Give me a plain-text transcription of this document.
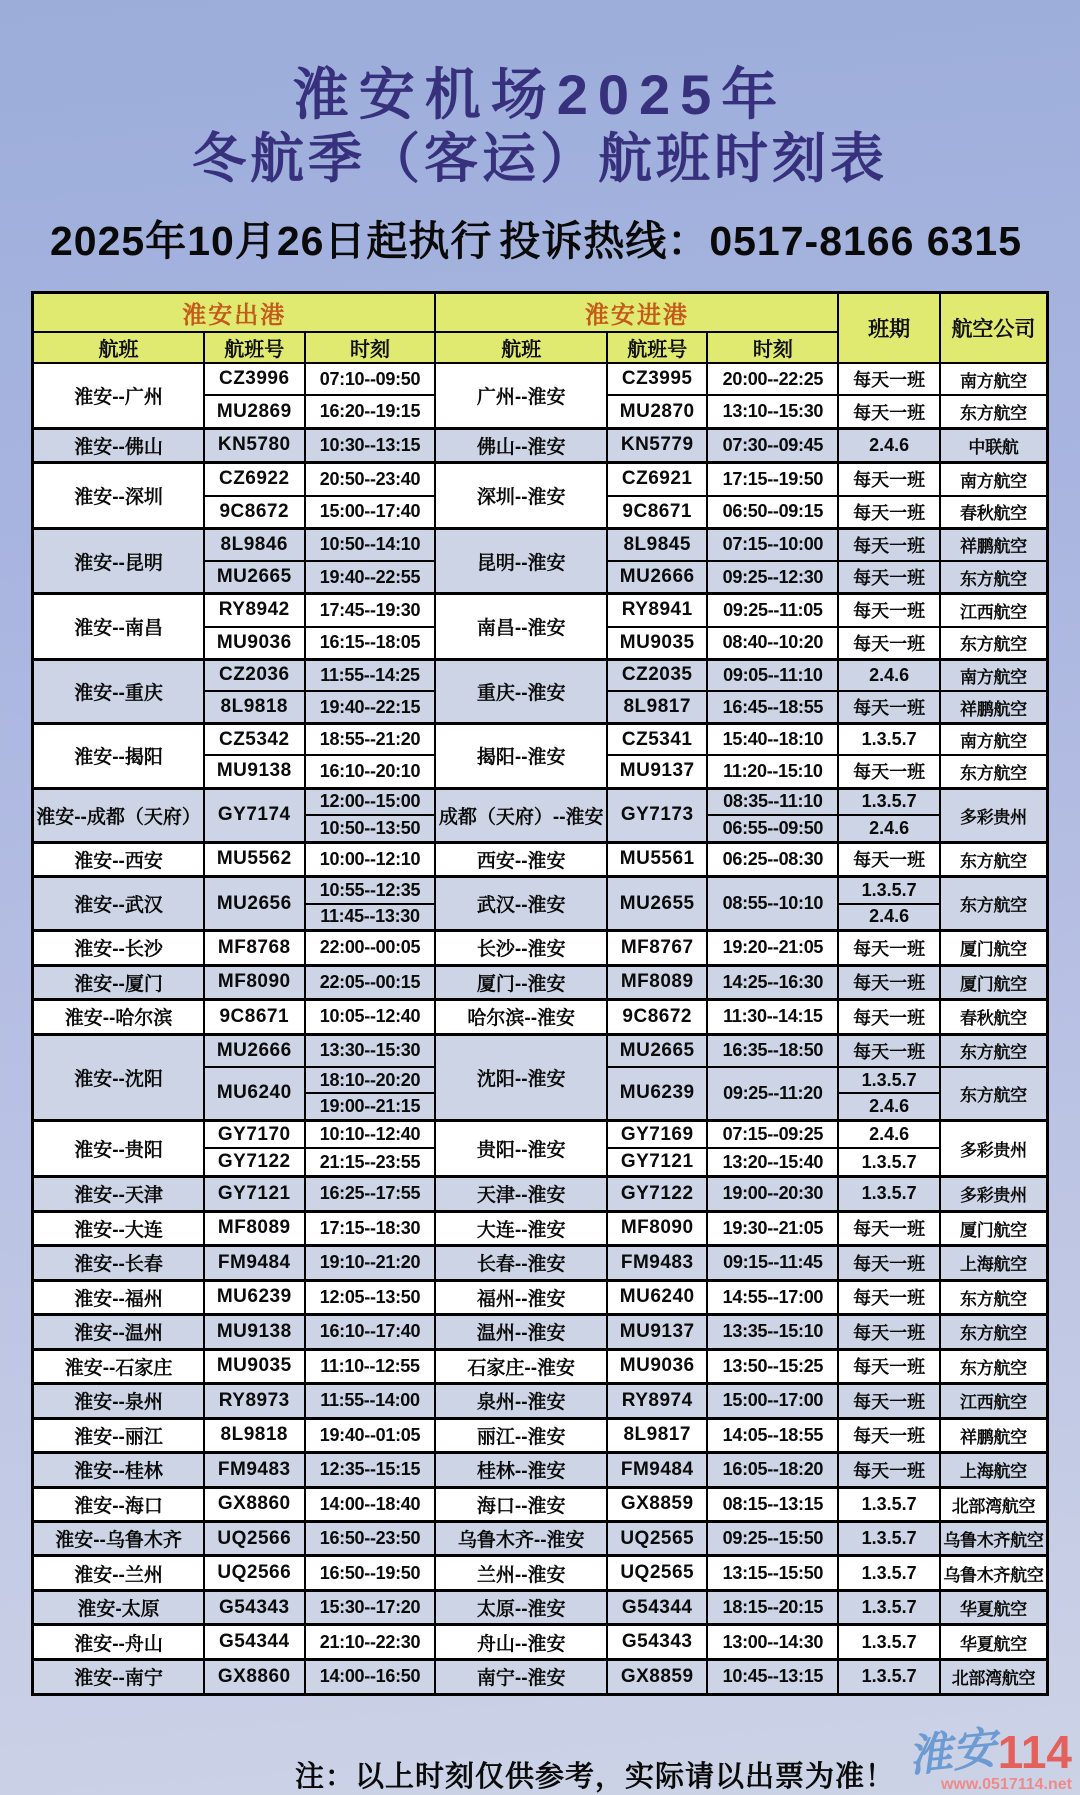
淮安机场2025年
冬航季（客运）航班时刻表
2025年10月26日起执行 投诉热线：0517-8166 6315
淮安出港			淮安进港			班期	航空公司
航班	航班号	时刻	航班	航班号	时刻		
淮安--广州	CZ3996	07:10--09:50	广州--淮安	CZ3995	20:00--22:25	每天一班	南方航空
	MU2869	16:20--19:15		MU2870	13:10--15:30	每天一班	东方航空
淮安--佛山	KN5780	10:30--13:15	佛山--淮安	KN5779	07:30--09:45	2.4.6	中联航
淮安--深圳	CZ6922	20:50--23:40	深圳--淮安	CZ6921	17:15--19:50	每天一班	南方航空
	9C8672	15:00--17:40		9C8671	06:50--09:15	每天一班	春秋航空
淮安--昆明	8L9846	10:50--14:10	昆明--淮安	8L9845	07:15--10:00	每天一班	祥鹏航空
	MU2665	19:40--22:55		MU2666	09:25--12:30	每天一班	东方航空
淮安--南昌	RY8942	17:45--19:30	南昌--淮安	RY8941	09:25--11:05	每天一班	江西航空
	MU9036	16:15--18:05		MU9035	08:40--10:20	每天一班	东方航空
淮安--重庆	CZ2036	11:55--14:25	重庆--淮安	CZ2035	09:05--11:10	2.4.6	南方航空
	8L9818	19:40--22:15		8L9817	16:45--18:55	每天一班	祥鹏航空
淮安--揭阳	CZ5342	18:55--21:20	揭阳--淮安	CZ5341	15:40--18:10	1.3.5.7	南方航空
	MU9138	16:10--20:10		MU9137	11:20--15:10	每天一班	东方航空
淮安--成都（天府）	GY7174	12:00--15:00	成都（天府）--淮安	GY7173	08:35--11:10	1.3.5.7	多彩贵州
		10:50--13:50			06:55--09:50	2.4.6	
淮安--西安	MU5562	10:00--12:10	西安--淮安	MU5561	06:25--08:30	每天一班	东方航空
淮安--武汉	MU2656	10:55--12:35	武汉--淮安	MU2655	08:55--10:10	1.3.5.7	东方航空
		11:45--13:30				2.4.6	
淮安--长沙	MF8768	22:00--00:05	长沙--淮安	MF8767	19:20--21:05	每天一班	厦门航空
淮安--厦门	MF8090	22:05--00:15	厦门--淮安	MF8089	14:25--16:30	每天一班	厦门航空
淮安--哈尔滨	9C8671	10:05--12:40	哈尔滨--淮安	9C8672	11:30--14:15	每天一班	春秋航空
淮安--沈阳	MU2666	13:30--15:30	沈阳--淮安	MU2665	16:35--18:50	每天一班	东方航空
	MU6240	18:10--20:20		MU6239	09:25--11:20	1.3.5.7	东方航空
		19:00--21:15				2.4.6	
淮安--贵阳	GY7170	10:10--12:40	贵阳--淮安	GY7169	07:15--09:25	2.4.6	多彩贵州
	GY7122	21:15--23:55		GY7121	13:20--15:40	1.3.5.7	
淮安--天津	GY7121	16:25--17:55	天津--淮安	GY7122	19:00--20:30	1.3.5.7	多彩贵州
淮安--大连	MF8089	17:15--18:30	大连--淮安	MF8090	19:30--21:05	每天一班	厦门航空
淮安--长春	FM9484	19:10--21:20	长春--淮安	FM9483	09:15--11:45	每天一班	上海航空
淮安--福州	MU6239	12:05--13:50	福州--淮安	MU6240	14:55--17:00	每天一班	东方航空
淮安--温州	MU9138	16:10--17:40	温州--淮安	MU9137	13:35--15:10	每天一班	东方航空
淮安--石家庄	MU9035	11:10--12:55	石家庄--淮安	MU9036	13:50--15:25	每天一班	东方航空
淮安--泉州	RY8973	11:55--14:00	泉州--淮安	RY8974	15:00--17:00	每天一班	江西航空
淮安--丽江	8L9818	19:40--01:05	丽江--淮安	8L9817	14:05--18:55	每天一班	祥鹏航空
淮安--桂林	FM9483	12:35--15:15	桂林--淮安	FM9484	16:05--18:20	每天一班	上海航空
淮安--海口	GX8860	14:00--18:40	海口--淮安	GX8859	08:15--13:15	1.3.5.7	北部湾航空
淮安--乌鲁木齐	UQ2566	16:50--23:50	乌鲁木齐--淮安	UQ2565	09:25--15:50	1.3.5.7	乌鲁木齐航空
淮安--兰州	UQ2566	16:50--19:50	兰州--淮安	UQ2565	13:15--15:50	1.3.5.7	乌鲁木齐航空
淮安-太原	G54343	15:30--17:20	太原--淮安	G54344	18:15--20:15	1.3.5.7	华夏航空
淮安--舟山	G54344	21:10--22:30	舟山--淮安	G54343	13:00--14:30	1.3.5.7	华夏航空
淮安--南宁	GX8860	14:00--16:50	南宁--淮安	GX8859	10:45--13:15	1.3.5.7	北部湾航空
注：以上时刻仅供参考，实际请以出票为准！ 淮安 114
www.0517114.net
